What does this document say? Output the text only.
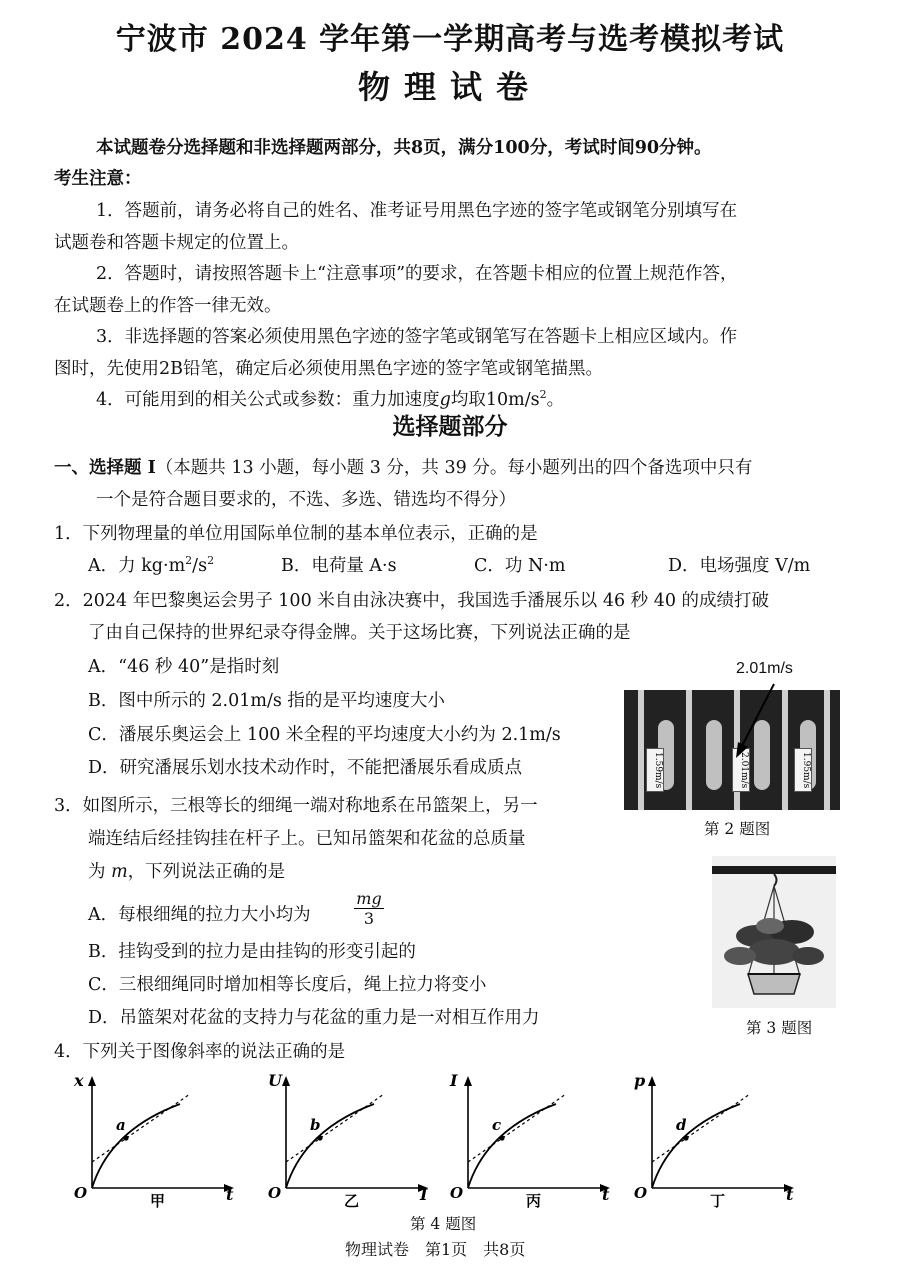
宁波市 2024 学年第一学期高考与选考模拟考试
物理试卷
本试题卷分选择题和非选择题两部分，共8页，满分100分，考试时间90分钟。
考生注意：
1．答题前，请务必将自己的姓名、准考证号用黑色字迹的签字笔或钢笔分别填写在
试题卷和答题卡规定的位置上。
2．答题时，请按照答题卡上“注意事项”的要求，在答题卡相应的位置上规范作答，
在试题卷上的作答一律无效。
3．非选择题的答案必须使用黑色字迹的签字笔或钢笔写在答题卡上相应区域内。作
图时，先使用2B铅笔，确定后必须使用黑色字迹的签字笔或钢笔描黑。
4．可能用到的相关公式或参数：重力加速度g均取$10m/s^2$。
选择题部分
一、选择题 I（本题共 13 小题，每小题 3 分，共 39 分。每小题列出的四个备选项中只有
一个是符合题目要求的，不选、多选、错选均不得分）
1．下列物理量的单位用国际单位制的基本单位表示，正确的是
A．力 $kg\cdot m^2/s^2$	B．电荷量 A·s	C．功 N·m	D．电场强度 V/m
2．2024 年巴黎奥运会男子 100 米自由泳决赛中，我国选手潘展乐以 46 秒 40 的成绩打破
了由自己保持的世界纪录夺得金牌。关于这场比赛，下列说法正确的是
A．“46 秒 40”是指时刻
B．图中所示的 2.01m/s 指的是平均速度大小
C．潘展乐奥运会上 100 米全程的平均速度大小约为 2.1m/s
D．研究潘展乐划水技术动作时，不能把潘展乐看成质点
2.01m/s
1.59m/s	2.01m/s	1.95m/s
第 2 题图
3．如图所示，三根等长的细绳一端对称地系在吊篮架上，另一
端连结后经挂钩挂在杆子上。已知吊篮架和花盆的总质量
为 m，下列说法正确的是
A．每根细绳的拉力大小均为	$\frac{mg}{3}$
B．挂钩受到的拉力是由挂钩的形变引起的
C．三根细绳同时增加相等长度后，绳上拉力将变小
D．吊篮架对花盆的支持力与花盆的重力是一对相互作用力	第 3 题图
4．下列关于图像斜率的说法正确的是
x
t
O
a
甲
U
I
O
b
乙
I
t
O
c
丙
p
t
O
d
丁
第 4 题图
物理试卷　第1页　共8页
